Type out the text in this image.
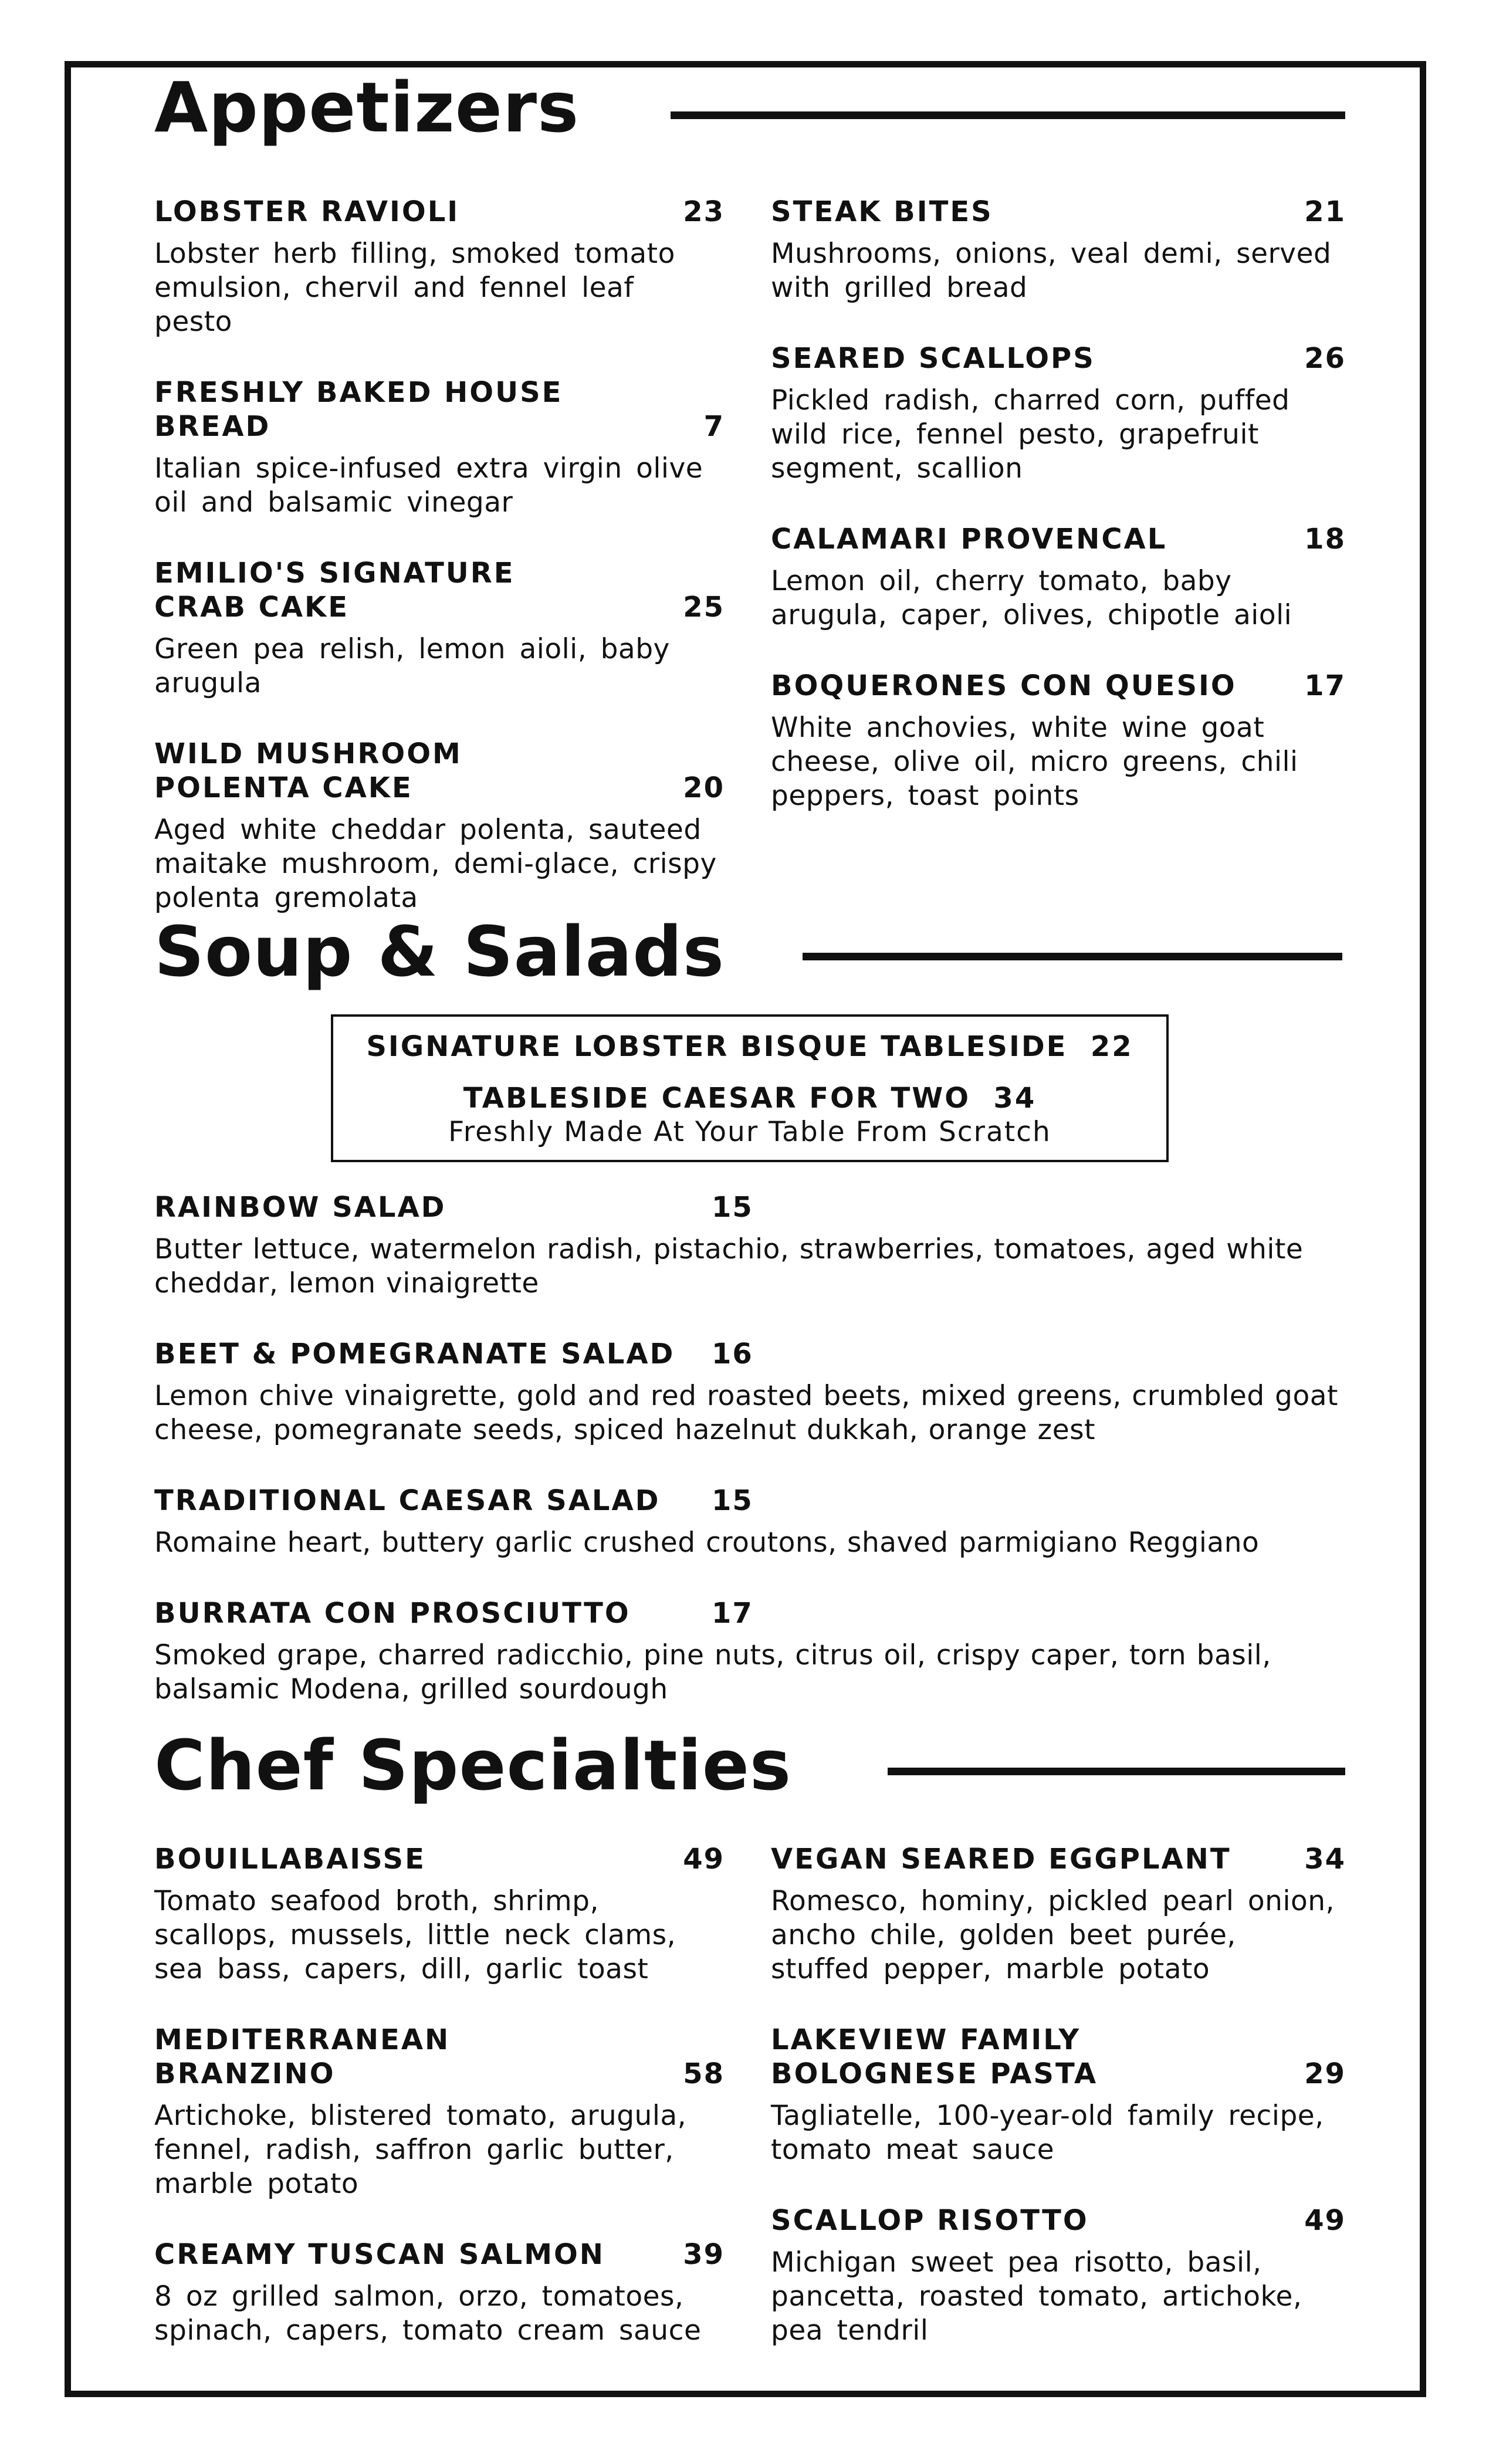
Appetizers
LOBSTER RAVIOLI	23
Lobster herb filling, smoked tomato emulsion, chervil and fennel leaf pesto
FRESHLY BAKED HOUSE BREAD	7
Italian spice-infused extra virgin olive oil and balsamic vinegar
EMILIO'S SIGNATURE CRAB CAKE	25
Green pea relish, lemon aioli, baby arugula
WILD MUSHROOM POLENTA CAKE	20
Aged white cheddar polenta, sauteed maitake mushroom, demi-glace, crispy polenta gremolata
STEAK BITES	21
Mushrooms, onions, veal demi, served with grilled bread
SEARED SCALLOPS	26
Pickled radish, charred corn, puffed wild rice, fennel pesto, grapefruit segment, scallion
CALAMARI PROVENCAL	18
Lemon oil, cherry tomato, baby arugula, caper, olives, chipotle aioli
BOQUERONES CON QUESIO 17
White anchovies, white wine goat cheese, olive oil, micro greens, chili peppers, toast points
Soup & Salads
SIGNATURE LOBSTER BISQUE TABLESIDE 22
TABLESIDE CAESAR FOR TWO 34
Freshly Made At Your Table From Scratch
RAINBOW SALAD	15
Butter lettuce, watermelon radish, pistachio, strawberries, tomatoes, aged white cheddar, lemon vinaigrette
BEET & POMEGRANATE SALAD	16
Lemon chive vinaigrette, gold and red roasted beets, mixed greens, crumbled goat cheese, pomegranate seeds, spiced hazelnut dukkah, orange zest
TRADITIONAL CAESAR SALAD	15
Romaine heart, buttery garlic crushed croutons, shaved parmigiano Reggiano
BURRATA CON PROSCIUTTO	17
Smoked grape, charred radicchio, pine nuts, citrus oil, crispy caper, torn basil, balsamic Modena, grilled sourdough
Chef Specialties
BOUILLABAISSE	49
Tomato seafood broth, shrimp, scallops, mussels, little neck clams, sea bass, capers, dill, garlic toast
MEDITERRANEAN BRANZINO	58
Artichoke, blistered tomato, arugula, fennel, radish, saffron garlic butter, marble potato
CREAMY TUSCAN SALMON	39
8 oz grilled salmon, orzo, tomatoes, spinach, capers, tomato cream sauce
VEGAN SEARED EGGPLANT	34
Romesco, hominy, pickled pearl onion, ancho chile, golden beet purée, stuffed pepper, marble potato
LAKEVIEW FAMILY BOLOGNESE PASTA	29
Tagliatelle, 100-year-old family recipe, tomato meat sauce
SCALLOP RISOTTO	49
Michigan sweet pea risotto, basil, pancetta, roasted tomato, artichoke, pea tendril
